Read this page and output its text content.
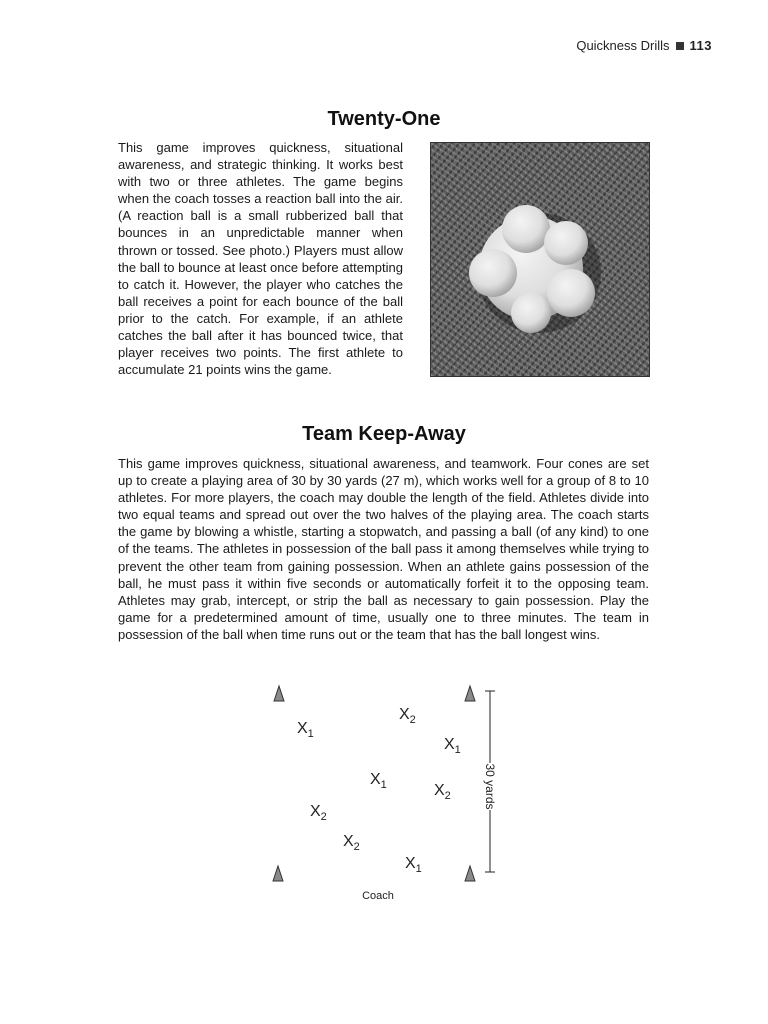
Quickness Drills 113
Twenty-One

This game improves quickness, situational awareness, and strategic thinking. It works best with two or three athletes. The game begins when the coach tosses a reaction ball into the air. (A reaction ball is a small rubberized ball that bounces in an unpredictable manner when thrown or tossed. See photo.) Players must allow the ball to bounce at least once before attempting to catch it. However, the player who catches the ball receives a point for each bounce of the ball prior to the catch. For example, if an athlete catches the ball after it has bounced twice, that player receives two points. The first athlete to accumulate 21 points wins the game.

Team Keep-Away

This game improves quickness, situational awareness, and teamwork. Four cones are set up to create a playing area of 30 by 30 yards (27 m), which works well for a group of 8 to 10 athletes. For more players, the coach may double the length of the field. Athletes divide into two equal teams and spread out over the two halves of the playing area. The coach starts the game by blowing a whistle, starting a stopwatch, and passing a ball (of any kind) to one of the teams. The athletes in possession of the ball pass it among themselves while trying to prevent the other team from gaining possession. When an athlete gains possession of the ball, he must pass it within five seconds or automatically forfeit it to the opposing team. Athletes may grab, intercept, or strip the ball as necessary to gain possession. Play the game for a predetermined amount of time, usually one to three minutes. The team in possession of the ball when time runs out or the team that has the ball longest wins.

30 yards
$X_2$
$X_1$
$X_1$
$X_1$	$X_2$
$X_2$
$X_2$
$X_1$
Coach
